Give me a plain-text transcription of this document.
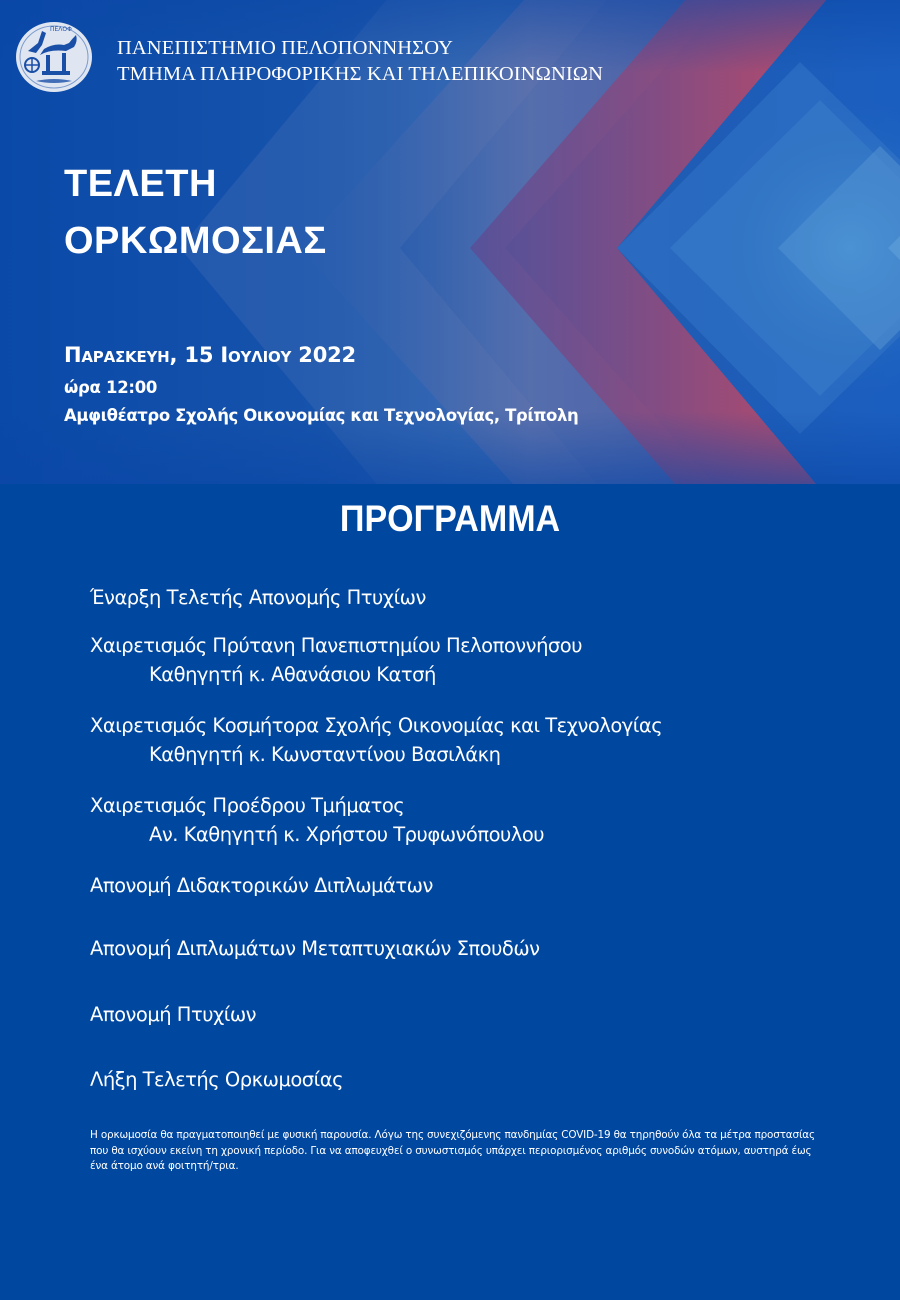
ΠΕΛΟΦ
ΠΑΝΕΠΙΣΤΗΜΙΟ ΠΕΛΟΠΟΝΝΗΣΟΥ
ΤΜΗΜΑ ΠΛΗΡΟΦΟΡΙΚΗΣ ΚΑΙ ΤΗΛΕΠΙΚΟΙΝΩΝΙΩΝ
ΤΕΛΕΤΗ
ΟΡΚΩΜΟΣΙΑΣ
Παρασκευη, 15 Ιουλιου 2022
ώρα 12:00
Αμφιθέατρο Σχολής Οικονομίας και Τεχνολογίας, Τρίπολη
ΠΡΟΓΡΑΜΜΑ
Έναρξη Τελετής Απονομής Πτυχίων
Χαιρετισμός Πρύτανη Πανεπιστημίου Πελοποννήσου
Καθηγητή κ. Αθανάσιου Κατσή
Χαιρετισμός Κοσμήτορα Σχολής Οικονομίας και Τεχνολογίας
Καθηγητή κ. Κωνσταντίνου Βασιλάκη
Χαιρετισμός Προέδρου Τμήματος
Αν. Καθηγητή κ. Χρήστου Τρυφωνόπουλου
Απονομή Διδακτορικών Διπλωμάτων
Απονομή Διπλωμάτων Μεταπτυχιακών Σπουδών
Απονομή Πτυχίων
Λήξη Τελετής Ορκωμοσίας
Η ορκωμοσία θα πραγματοποιηθεί με φυσική παρουσία. Λόγω της συνεχιζόμενης πανδημίας COVID-19 θα τηρηθούν όλα τα μέτρα προστασίας που θα ισχύουν εκείνη τη χρονική περίοδο. Για να αποφευχθεί ο συνωστισμός υπάρχει περιορισμένος αριθμός συνοδών ατόμων, αυστηρά έως ένα άτομο ανά φοιτητή/τρια.
